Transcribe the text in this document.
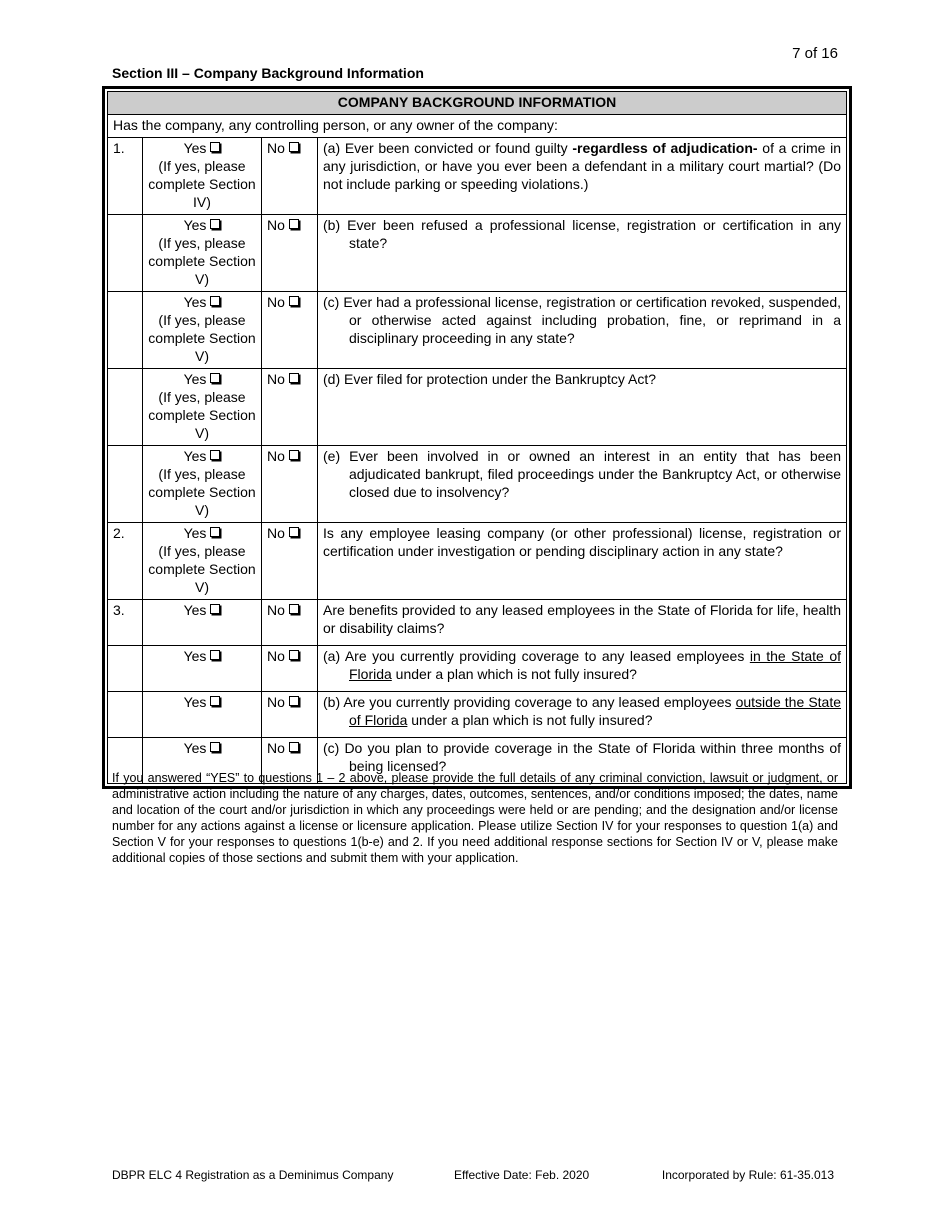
7 of 16
Section III – Company Background Information
COMPANY BACKGROUND INFORMATION			
Has the company, any controlling person, or any owner of the company:			
1.	Yes
(If yes, please complete Section IV)	No	(a) Ever been convicted or found guilty -regardless of adjudication- of a crime in any jurisdiction, or have you ever been a defendant in a military court martial? (Do not include parking or speeding violations.)
	Yes
(If yes, please complete Section V)	No	(b) Ever been refused a professional license, registration or certification in any state?

	Yes
(If yes, please complete Section V)	No	(c) Ever had a professional license, registration or certification revoked, suspended, or otherwise acted against including probation, fine, or reprimand in a disciplinary proceeding in any state?

	Yes
(If yes, please complete Section V)	No	(d) Ever filed for protection under the Bankruptcy Act?

	Yes
(If yes, please complete Section V)	No	(e) Ever been involved in or owned an interest in an entity that has been adjudicated bankrupt, filed proceedings under the Bankruptcy Act, or otherwise closed due to insolvency?

2.	Yes
(If yes, please complete Section V)	No	Is any employee leasing company (or other professional) license, registration or certification under investigation or pending disciplinary action in any state?
3.	Yes	No	Are benefits provided to any leased employees in the State of Florida for life, health or disability claims?
	Yes	No	(a) Are you currently providing coverage to any leased employees in the State of Florida under a plan which is not fully insured?

	Yes	No	(b) Are you currently providing coverage to any leased employees outside the State of Florida under a plan which is not fully insured?

	Yes	No	(c) Do you plan to provide coverage in the State of Florida within three months of being licensed?
If you answered “YES” to questions 1 – 2 above, please provide the full details of any criminal conviction, lawsuit or judgment, or administrative action including the nature of any charges, dates, outcomes, sentences, and/or conditions imposed; the dates, name and location of the court and/or jurisdiction in which any proceedings were held or are pending; and the designation and/or license number for any actions against a license or licensure application. Please utilize Section IV for your responses to question 1(a) and Section V for your responses to questions 1(b-e) and 2. If you need additional response sections for Section IV or V, please make additional copies of those sections and submit them with your application.
DBPR ELC 4 Registration as a Deminimus Company	Effective Date: Feb. 2020	Incorporated by Rule: 61-35.013
